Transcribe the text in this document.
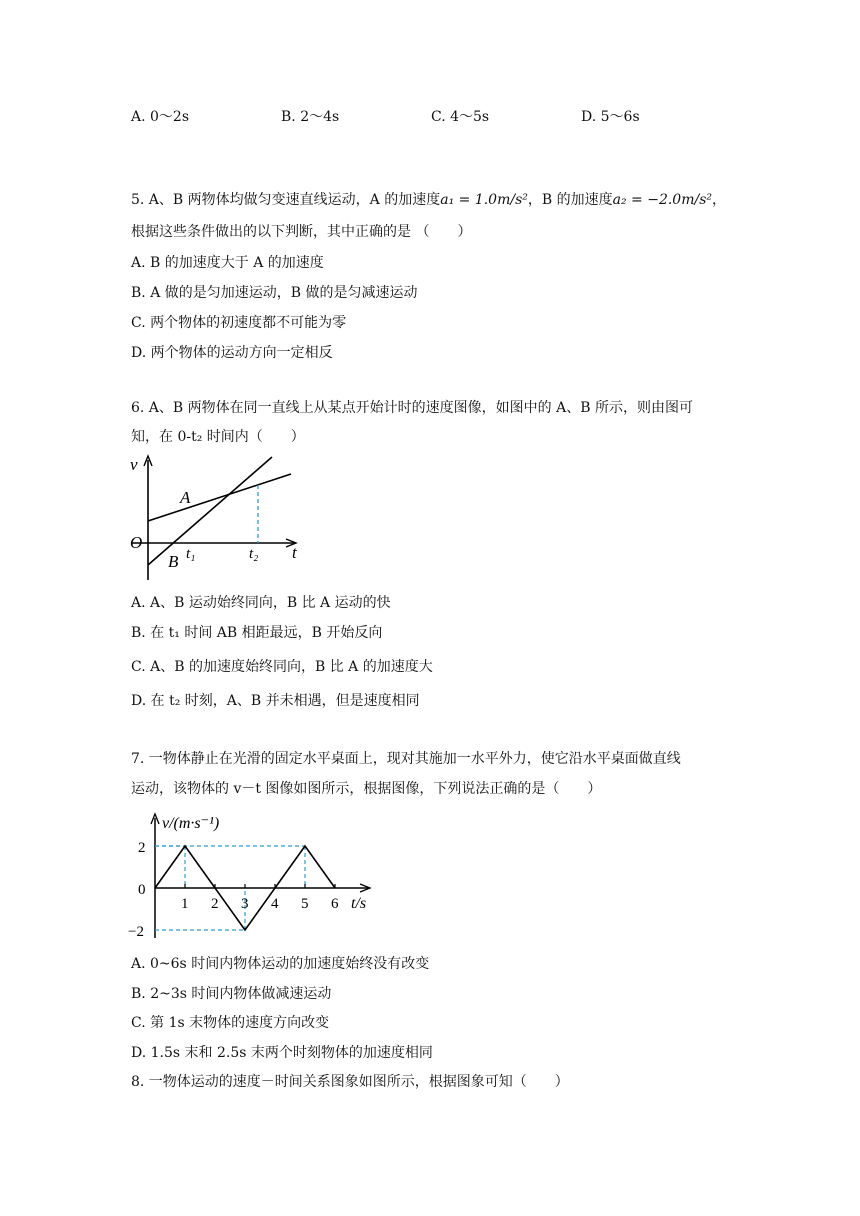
A. 0～2s	B. 2～4s	C. 4～5s	D. 5～6s
5. A、B 两物体均做匀变速直线运动，A 的加速度a₁ = 1.0m/s²，B 的加速度a₂ = −2.0m/s²，
根据这些条件做出的以下判断，其中正确的是 （　　）
A. B 的加速度大于 A 的加速度
B. A 做的是匀加速运动，B 做的是匀减速运动
C. 两个物体的初速度都不可能为零
D. 两个物体的运动方向一定相反
6. A、B 两物体在同一直线上从某点开始计时的速度图像，如图中的 A、B 所示，则由图可
知，在 0-t₂ 时间内（　　）
v
O
t
A
B t₁	t₂
A. A、B 运动始终同向，B 比 A 运动的快
B. 在 t₁ 时间 AB 相距最远，B 开始反向
C. A、B 的加速度始终同向，B 比 A 的加速度大
D. 在 t₂ 时刻，A、B 并未相遇，但是速度相同
7. 一物体静止在光滑的固定水平桌面上，现对其施加一水平外力，使它沿水平桌面做直线
运动，该物体的 v－t 图像如图所示，根据图像，下列说法正确的是（　　）
v/(m·s⁻¹)
t/s
1 2 3 4 5 6
2
0
−2
A. 0~6s 时间内物体运动的加速度始终没有改变
B. 2~3s 时间内物体做减速运动
C. 第 1s 末物体的速度方向改变
D. 1.5s 末和 2.5s 末两个时刻物体的加速度相同
8. 一物体运动的速度－时间关系图象如图所示，根据图象可知（　　）
